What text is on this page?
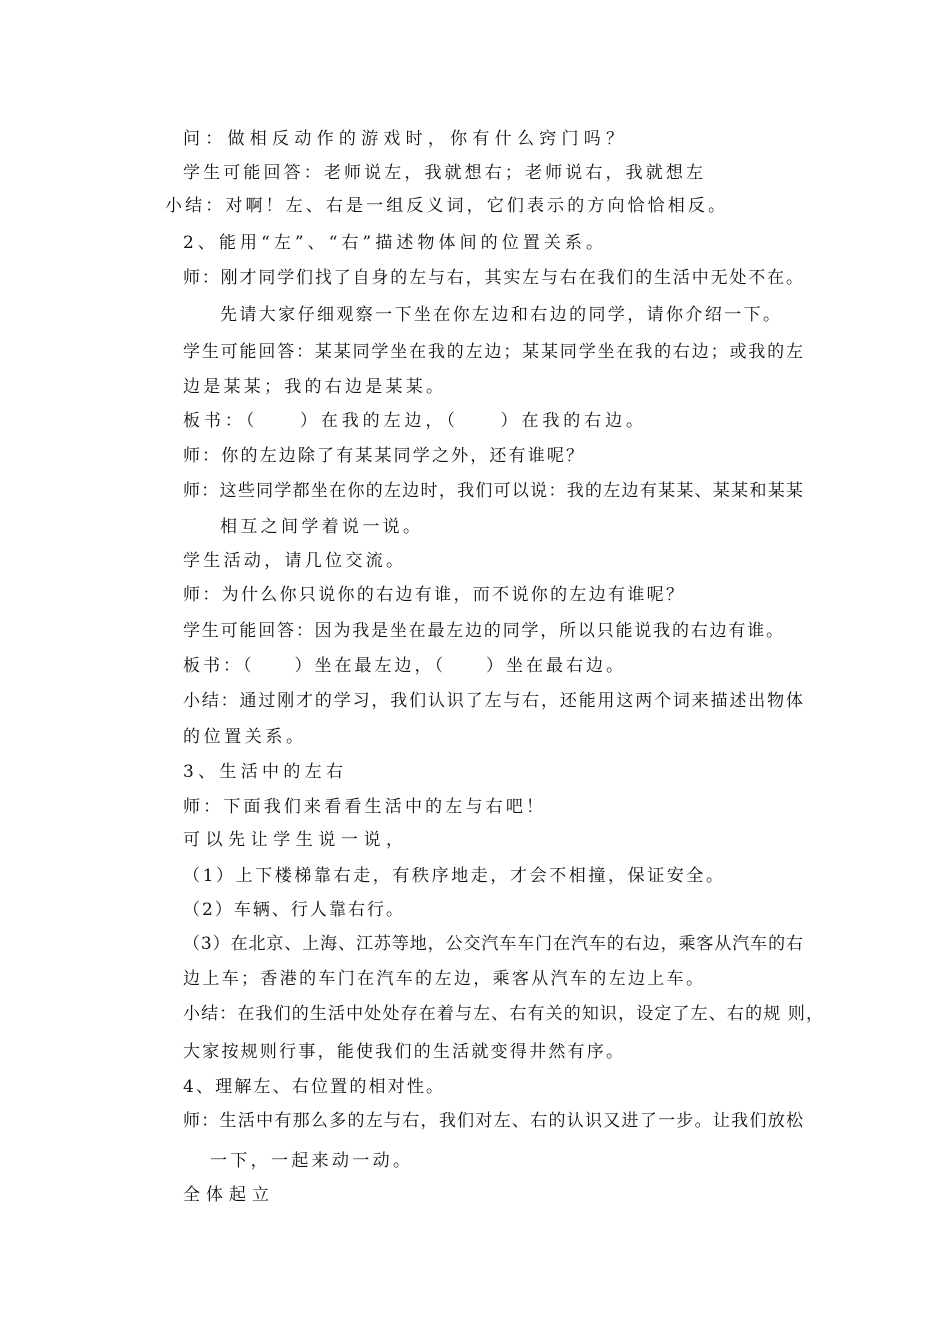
问：做相反动作的游戏时，你有什么窍门吗？
学生可能回答：老师说左，我就想右；老师说右，我就想左
小结：对啊！左、右是一组反义词，它们表示的方向恰恰相反。
2、能用“左”、“右”描述物体间的位置关系。
师：刚才同学们找了自身的左与右，其实左与右在我们的生活中无处不在。
先请大家仔细观察一下坐在你左边和右边的同学，请你介绍一下。
学生可能回答：某某同学坐在我的左边；某某同学坐在我的右边；或我的左
边是某某；我的右边是某某。
板书：（　　）在我的左边，（　　）在我的右边。
师：你的左边除了有某某同学之外，还有谁呢？
师：这些同学都坐在你的左边时，我们可以说：我的左边有某某、某某和某某
相互之间学着说一说。
学生活动，请几位交流。
师：为什么你只说你的右边有谁，而不说你的左边有谁呢？
学生可能回答：因为我是坐在最左边的同学，所以只能说我的右边有谁。
板书：（　　）坐在最左边，（　　）坐在最右边。
小结：通过刚才的学习，我们认识了左与右，还能用这两个词来描述出物体
的位置关系。
3、生活中的左右
师：下面我们来看看生活中的左与右吧！
可以先让学生说一说，
（1）上下楼梯靠右走，有秩序地走，才会不相撞，保证安全。
（2）车辆、行人靠右行。
（3）在北京、上海、江苏等地，公交汽车车门在汽车的右边，乘客从汽车的右
边上车；香港的车门在汽车的左边，乘客从汽车的左边上车。
小结：在我们的生活中处处存在着与左、右有关的知识，设定了左、右的规 则，
大家按规则行事，能使我们的生活就变得井然有序。
4、理解左、右位置的相对性。
师：生活中有那么多的左与右，我们对左、右的认识又进了一步。让我们放松
一下，一起来动一动。
全体起立
